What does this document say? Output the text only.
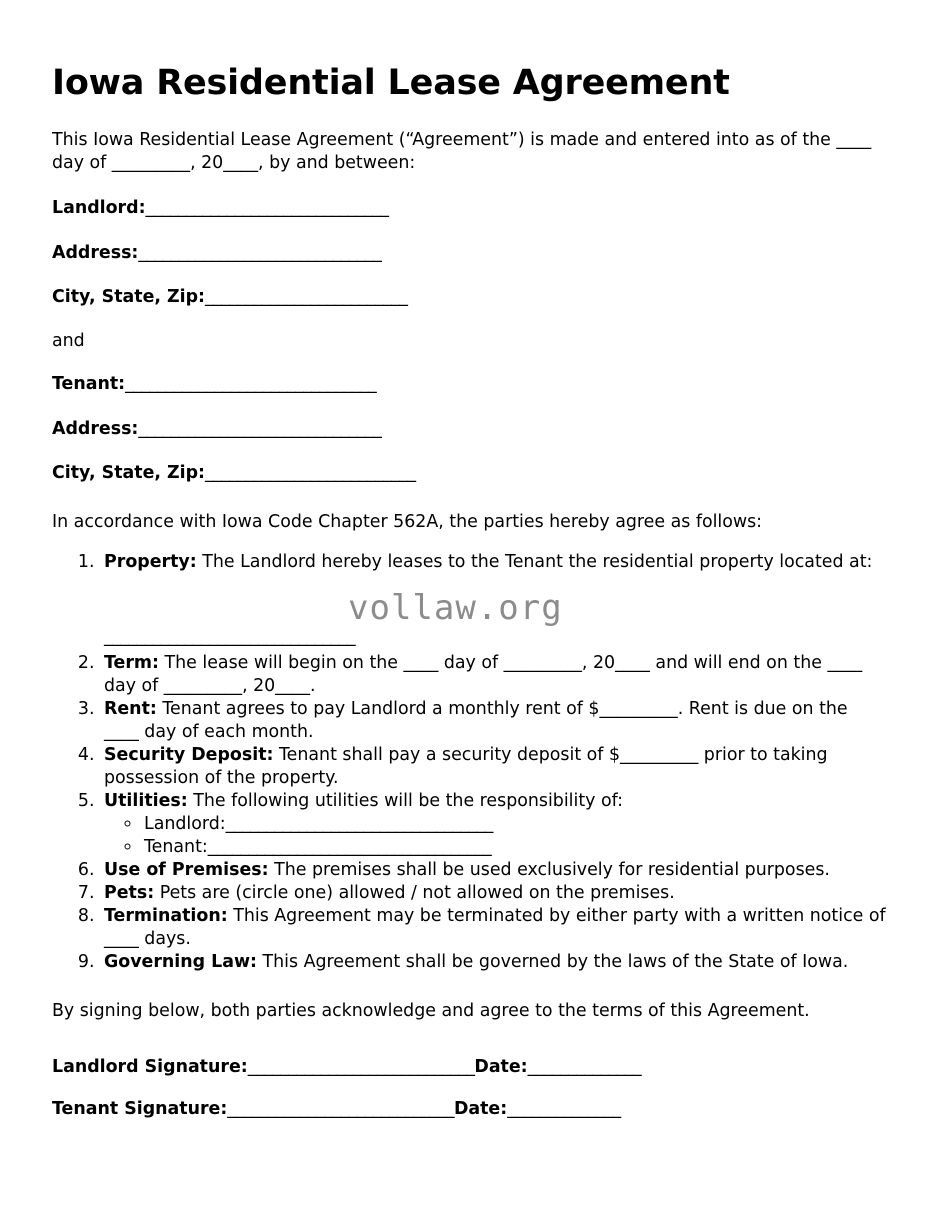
Iowa Residential Lease Agreement

This Iowa Residential Lease Agreement (“Agreement”) is made and entered into as of the ____ day of _________, 20____, by and between:

Landlord:______________________________
Address:______________________________
City, State, Zip:_________________________
and
Tenant:_______________________________
Address:______________________________
City, State, Zip:__________________________

In accordance with Iowa Code Chapter 562A, the parties hereby agree as follows:

1. Property: The Landlord hereby leases to the Tenant the residential property located at:
_______________________________
2. Term: The lease will begin on the ____ day of _________, 20____ and will end on the ____ day of _________, 20____.
3. Rent: Tenant agrees to pay Landlord a monthly rent of $_________. Rent is due on the ____ day of each month.
4. Security Deposit: Tenant shall pay a security deposit of $_________ prior to taking possession of the property.
5. Utilities: The following utilities will be the responsibility of:
◦ Landlord:_________________________________
◦ Tenant:___________________________________
6. Use of Premises: The premises shall be used exclusively for residential purposes.
7. Pets: Pets are (circle one) allowed / not allowed on the premises.
8. Termination: This Agreement may be terminated by either party with a written notice of ____ days.
9. Governing Law: This Agreement shall be governed by the laws of the State of Iowa.

By signing below, both parties acknowledge and agree to the terms of this Agreement.

Landlord Signature:____________________________Date:______________
Tenant Signature:____________________________Date:______________
vollaw.org
